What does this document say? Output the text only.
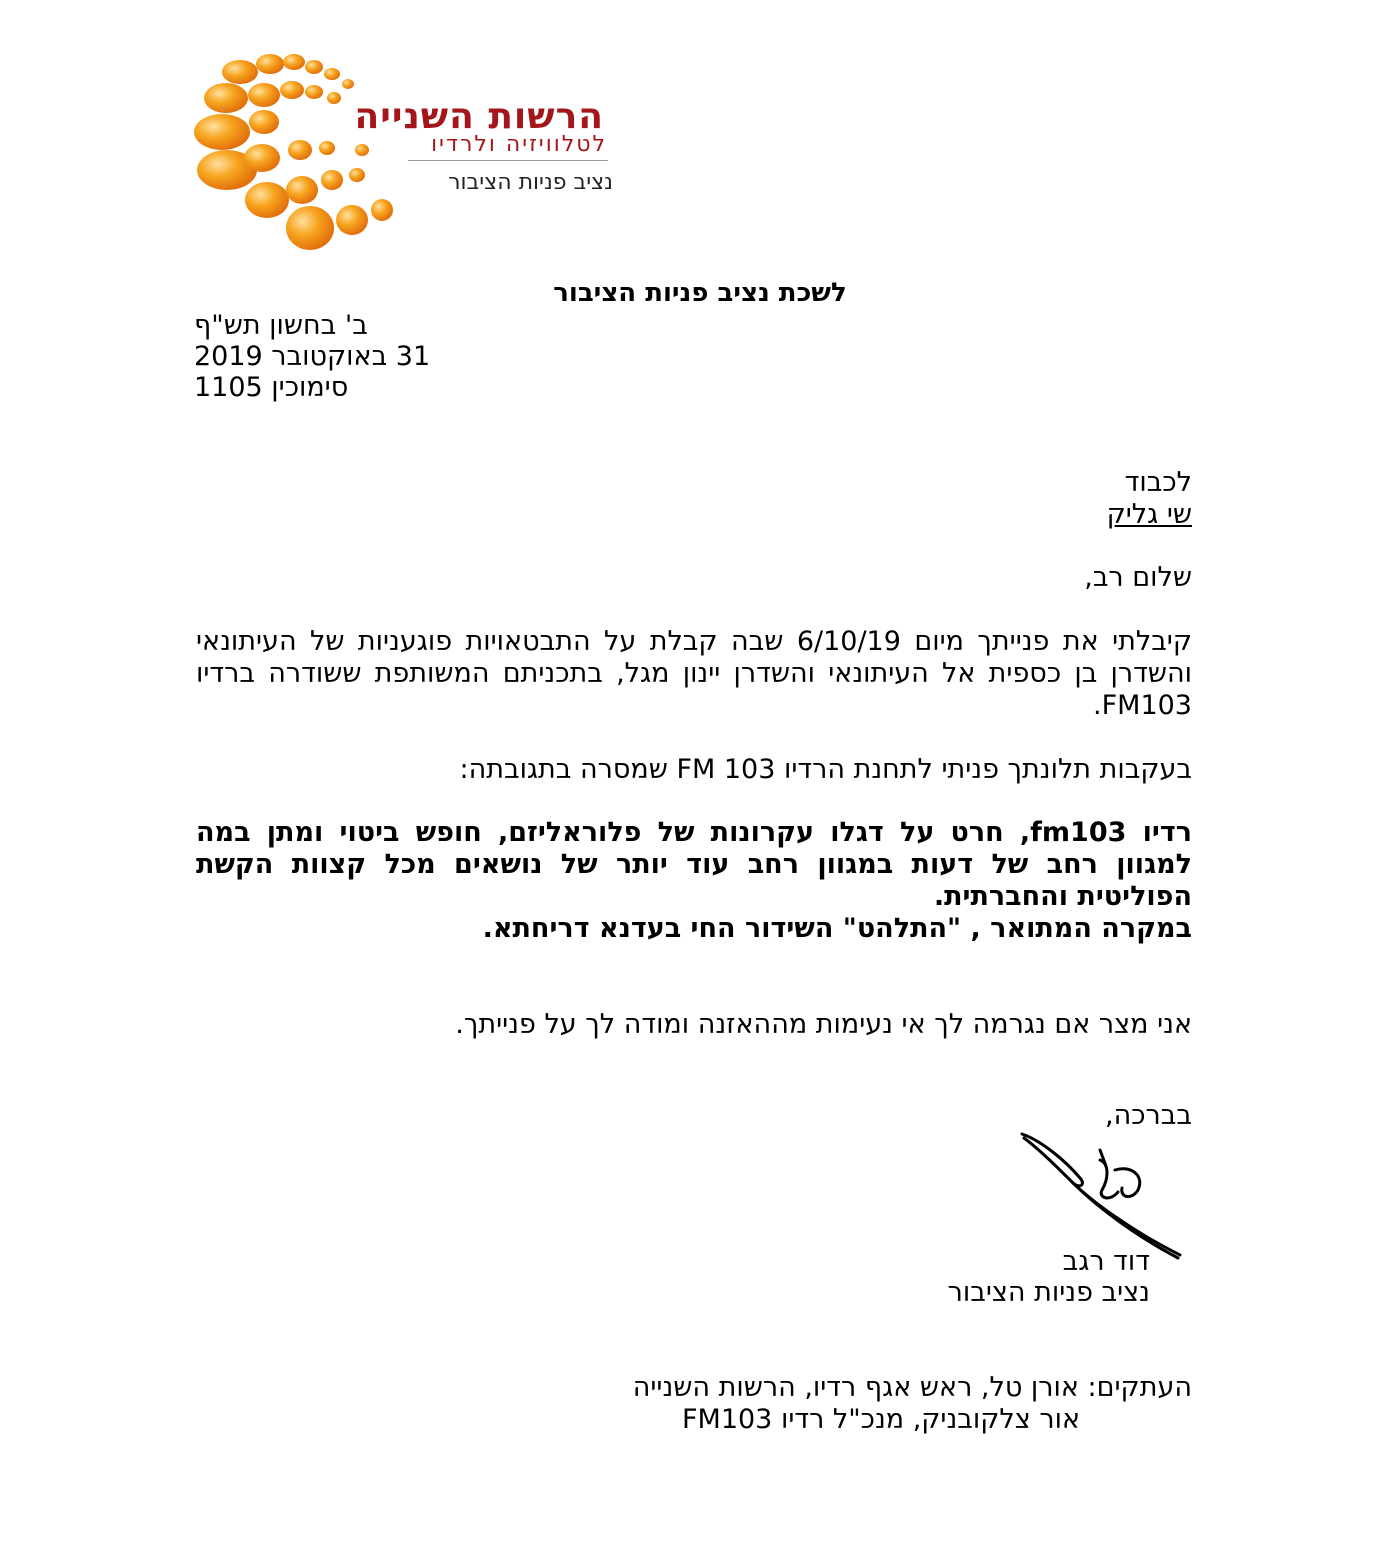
הרשות השנייה
לטלוויזיה ולרדיו
נציב פניות הציבור
לשכת נציב פניות הציבור
ב' בחשון תש"ף
31 באוקטובר 2019
סימוכין 1105
לכבוד
שי גליק
שלום רב,
קיבלתי את פנייתך מיום 6/10/19 שבה קבלת על התבטאויות פוגעניות של העיתונאי והשדרן בן כספית אל העיתונאי והשדרן יינון מגל, בתכניתם המשותפת ששודרה ברדיו FM103.
בעקבות תלונתך פניתי לתחנת הרדיו FM 103 שמסרה בתגובתה:
רדיו fm103, חרט על דגלו עקרונות של פלוראליזם, חופש ביטוי ומתן במה למגוון רחב של דעות במגוון רחב עוד יותר של נושאים מכל קצוות הקשת הפוליטית והחברתית.
במקרה המתואר , "התלהט" השידור החי בעדנא דריחתא.
אני מצר אם נגרמה לך אי נעימות מההאזנה ומודה לך על פנייתך.
בברכה,
דוד רגב
נציב פניות הציבור
העתקים: אורן טל, ראש אגף רדיו, הרשות השנייה
אור צלקובניק, מנכ"ל רדיו FM103
